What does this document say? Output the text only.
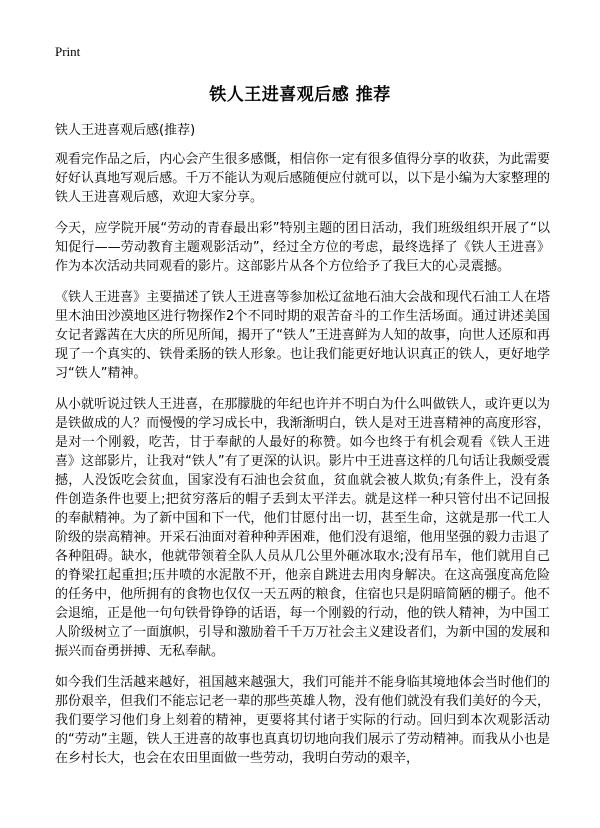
Print
铁人王进喜观后感 推荐

铁人王进喜观后感(推荐)

观看完作品之后，内心会产生很多感慨，相信你一定有很多值得分享的收获，为此需要好好认真地写观后感。千万不能认为观后感随便应付就可以，以下是小编为大家整理的铁人王进喜观后感，欢迎大家分享。

今天，应学院开展“劳动的青春最出彩”特别主题的团日活动，我们班级组织开展了“以知促行——劳动教育主题观影活动”，经过全方位的考虑，最终选择了《铁人王进喜》作为本次活动共同观看的影片。这部影片从各个方位给予了我巨大的心灵震撼。

《铁人王进喜》主要描述了铁人王进喜等参加松辽盆地石油大会战和现代石油工人在塔里木油田沙漠地区进行物探作2个不同时期的艰苦奋斗的工作生活场面。通过讲述美国女记者露茜在大庆的所见所闻，揭开了“铁人”王进喜鲜为人知的故事，向世人还原和再现了一个真实的、铁骨柔肠的铁人形象。也让我们能更好地认识真正的铁人，更好地学习“铁人”精神。

从小就听说过铁人王进喜，在那朦胧的年纪也许并不明白为什么叫做铁人，或许更以为是铁做成的人？而慢慢的学习成长中，我渐渐明白，铁人是对王进喜精神的高度形容，是对一个刚毅，吃苦，甘于奉献的人最好的称赞。如今也终于有机会观看《铁人王进喜》这部影片，让我对“铁人”有了更深的认识。影片中王进喜这样的几句话让我颇受震撼，人没饭吃会贫血，国家没有石油也会贫血，贫血就会被人欺负;有条件上，没有条件创造条件也要上;把贫穷落后的帽子丢到太平洋去。就是这样一种只管付出不记回报的奉献精神。为了新中国和下一代，他们甘愿付出一切，甚至生命，这就是那一代工人阶级的崇高精神。开采石油面对着种种弄困难，他们没有退缩，他用坚强的毅力击退了各种阻碍。缺水，他就带领着全队人员从几公里外砸冰取水;没有吊车，他们就用自己的脊梁扛起重担;压井喷的水泥散不开，他亲自跳进去用肉身解决。在这高强度高危险的任务中，他所拥有的食物也仅仅一天五两的粮食，住宿也只是阴暗简陋的棚子。他不会退缩，正是他一句句铁骨铮铮的话语，每一个刚毅的行动，他的铁人精神，为中国工人阶级树立了一面旗帜，引导和激励着千千万万社会主义建设者们，为新中国的发展和振兴而奋勇拼搏、无私奉献。

如今我们生活越来越好，祖国越来越强大，我们可能并不能身临其境地体会当时他们的那份艰辛，但我们不能忘记老一辈的那些英雄人物，没有他们就没有我们美好的今天，我们要学习他们身上刻着的精神，更要将其付诸于实际的行动。回归到本次观影活动的“劳动”主题，铁人王进喜的故事也真真切切地向我们展示了劳动精神。而我从小也是在乡村长大，也会在农田里面做一些劳动，我明白劳动的艰辛，
